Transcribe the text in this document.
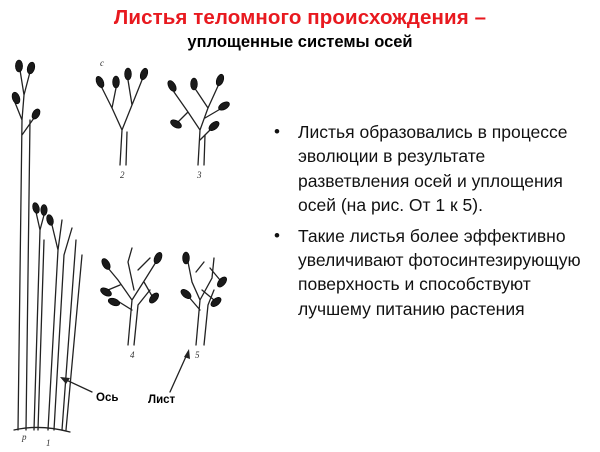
Листья теломного происхождения –
уплощенные системы осей
1
2	3
4	5
c
p
Ось	Лист
• Листья образовались в процессе эволюции в результате разветвления осей и уплощения осей (на рис. От 1 к 5).
• Такие листья более эффективно увеличивают фотосинтезирующую поверхность и способствуют лучшему питанию растения
